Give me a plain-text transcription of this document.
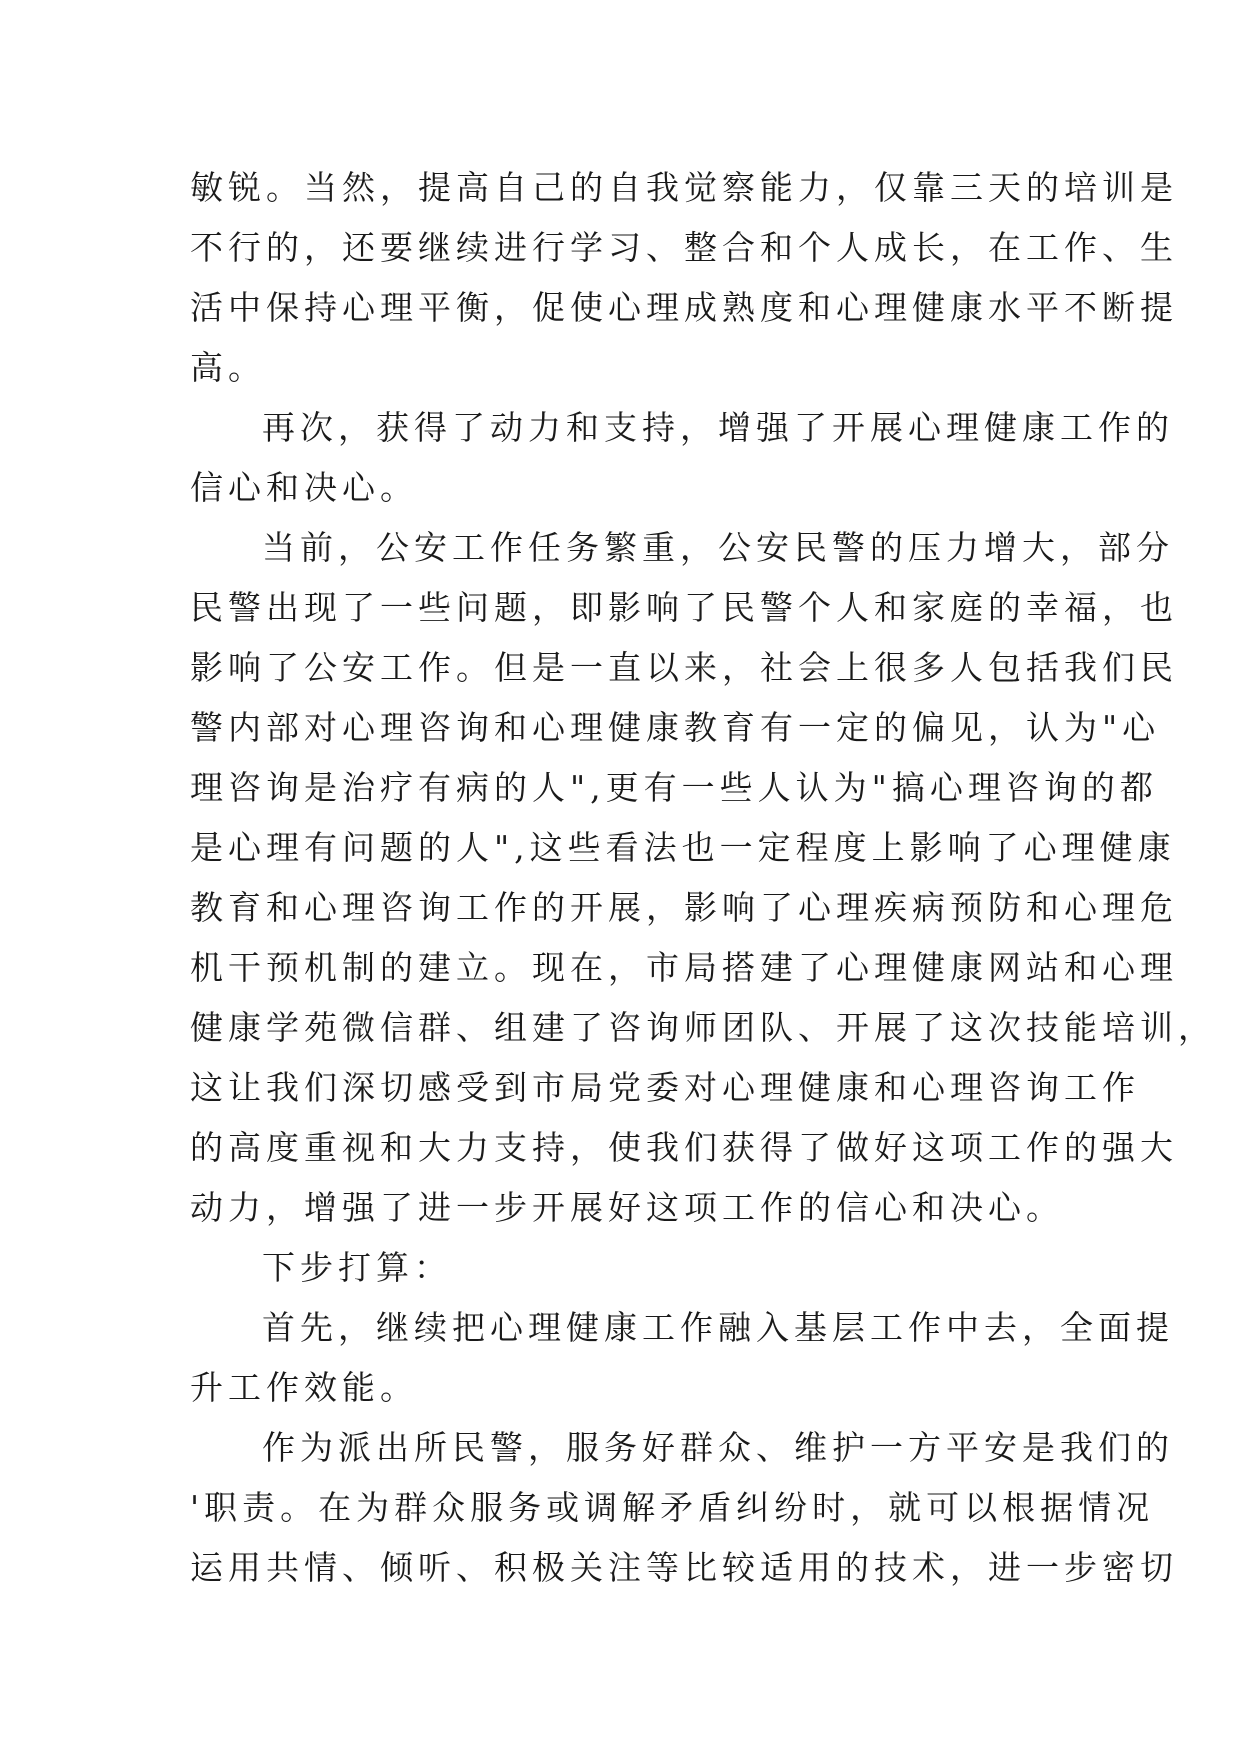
敏锐。当然，提高自己的自我觉察能力，仅靠三天的培训是
不行的，还要继续进行学习、整合和个人成长，在工作、生
活中保持心理平衡，促使心理成熟度和心理健康水平不断提
高。
再次，获得了动力和支持，增强了开展心理健康工作的
信心和决心。
当前，公安工作任务繁重，公安民警的压力增大，部分
民警出现了一些问题，即影响了民警个人和家庭的幸福，也
影响了公安工作。但是一直以来，社会上很多人包括我们民
警内部对心理咨询和心理健康教育有一定的偏见，认为"心
理咨询是治疗有病的人",更有一些人认为"搞心理咨询的都
是心理有问题的人",这些看法也一定程度上影响了心理健康
教育和心理咨询工作的开展，影响了心理疾病预防和心理危
机干预机制的建立。现在，市局搭建了心理健康网站和心理
健康学苑微信群、组建了咨询师团队、开展了这次技能培训，
这让我们深切感受到市局党委对心理健康和心理咨询工作
的高度重视和大力支持，使我们获得了做好这项工作的强大
动力，增强了进一步开展好这项工作的信心和决心。
下步打算：
首先，继续把心理健康工作融入基层工作中去，全面提
升工作效能。
作为派出所民警，服务好群众、维护一方平安是我们的
'职责。在为群众服务或调解矛盾纠纷时，就可以根据情况
运用共情、倾听、积极关注等比较适用的技术，进一步密切
